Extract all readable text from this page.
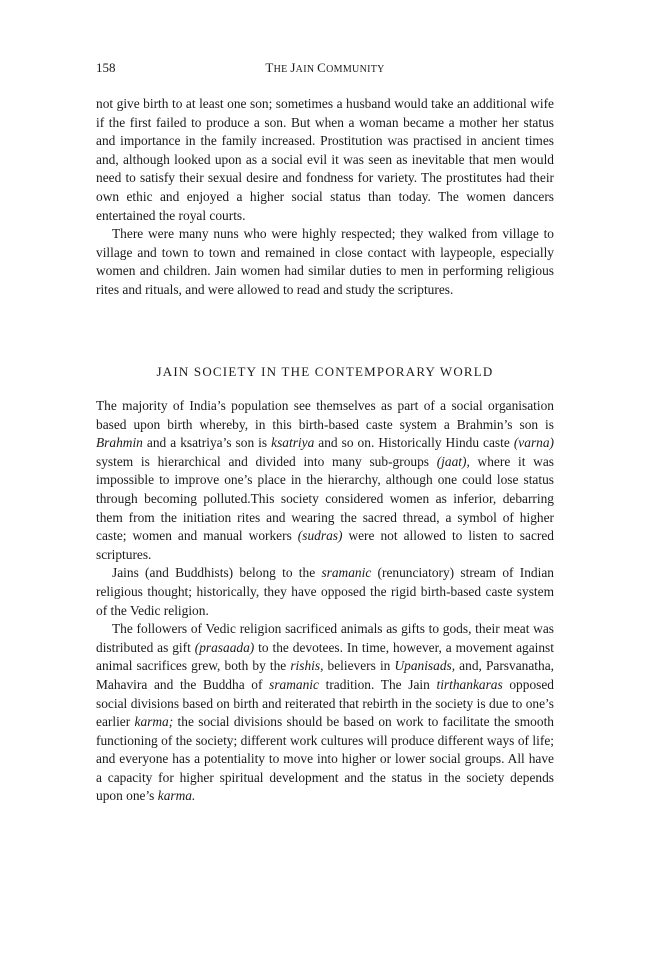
158	THE JAIN COMMUNITY

not give birth to at least one son; sometimes a husband would take an additional wife if the first failed to produce a son. But when a woman became a mother her status and importance in the family increased. Prostitution was practised in ancient times and, although looked upon as a social evil it was seen as inevitable that men would need to satisfy their sexual desire and fondness for variety. The prostitutes had their own ethic and enjoyed a higher social status than today. The women dancers entertained the royal courts.

There were many nuns who were highly respected; they walked from village to village and town to town and remained in close contact with laypeople, especially women and children. Jain women had similar duties to men in performing religious rites and rituals, and were allowed to read and study the scriptures.

JAIN SOCIETY IN THE CONTEMPORARY WORLD

The majority of India’s population see themselves as part of a social organisation based upon birth whereby, in this birth-based caste system a Brahmin’s son is Brahmin and a ksatriya’s son is ksatriya and so on. Historically Hindu caste (varna) system is hierarchical and divided into many sub-groups (jaat), where it was impossible to improve one’s place in the hierarchy, although one could lose status through becoming polluted.This society considered women as inferior, debarring them from the initiation rites and wearing the sacred thread, a symbol of higher caste; women and manual workers (sudras) were not allowed to listen to sacred scriptures.

Jains (and Buddhists) belong to the sramanic (renunciatory) stream of Indian religious thought; historically, they have opposed the rigid birth-based caste system of the Vedic religion.

The followers of Vedic religion sacrificed animals as gifts to gods, their meat was distributed as gift (prasaada) to the devotees. In time, however, a movement against animal sacrifices grew, both by the rishis, believers in Upanisads, and, Parsvanatha, Mahavira and the Buddha of sramanic tradition. The Jain tirthankaras opposed social divisions based on birth and reiterated that rebirth in the society is due to one’s earlier karma; the social divisions should be based on work to facilitate the smooth functioning of the society; different work cultures will produce different ways of life; and everyone has a potentiality to move into higher or lower social groups. All have a capacity for higher spiritual development and the status in the society depends upon one’s karma.
